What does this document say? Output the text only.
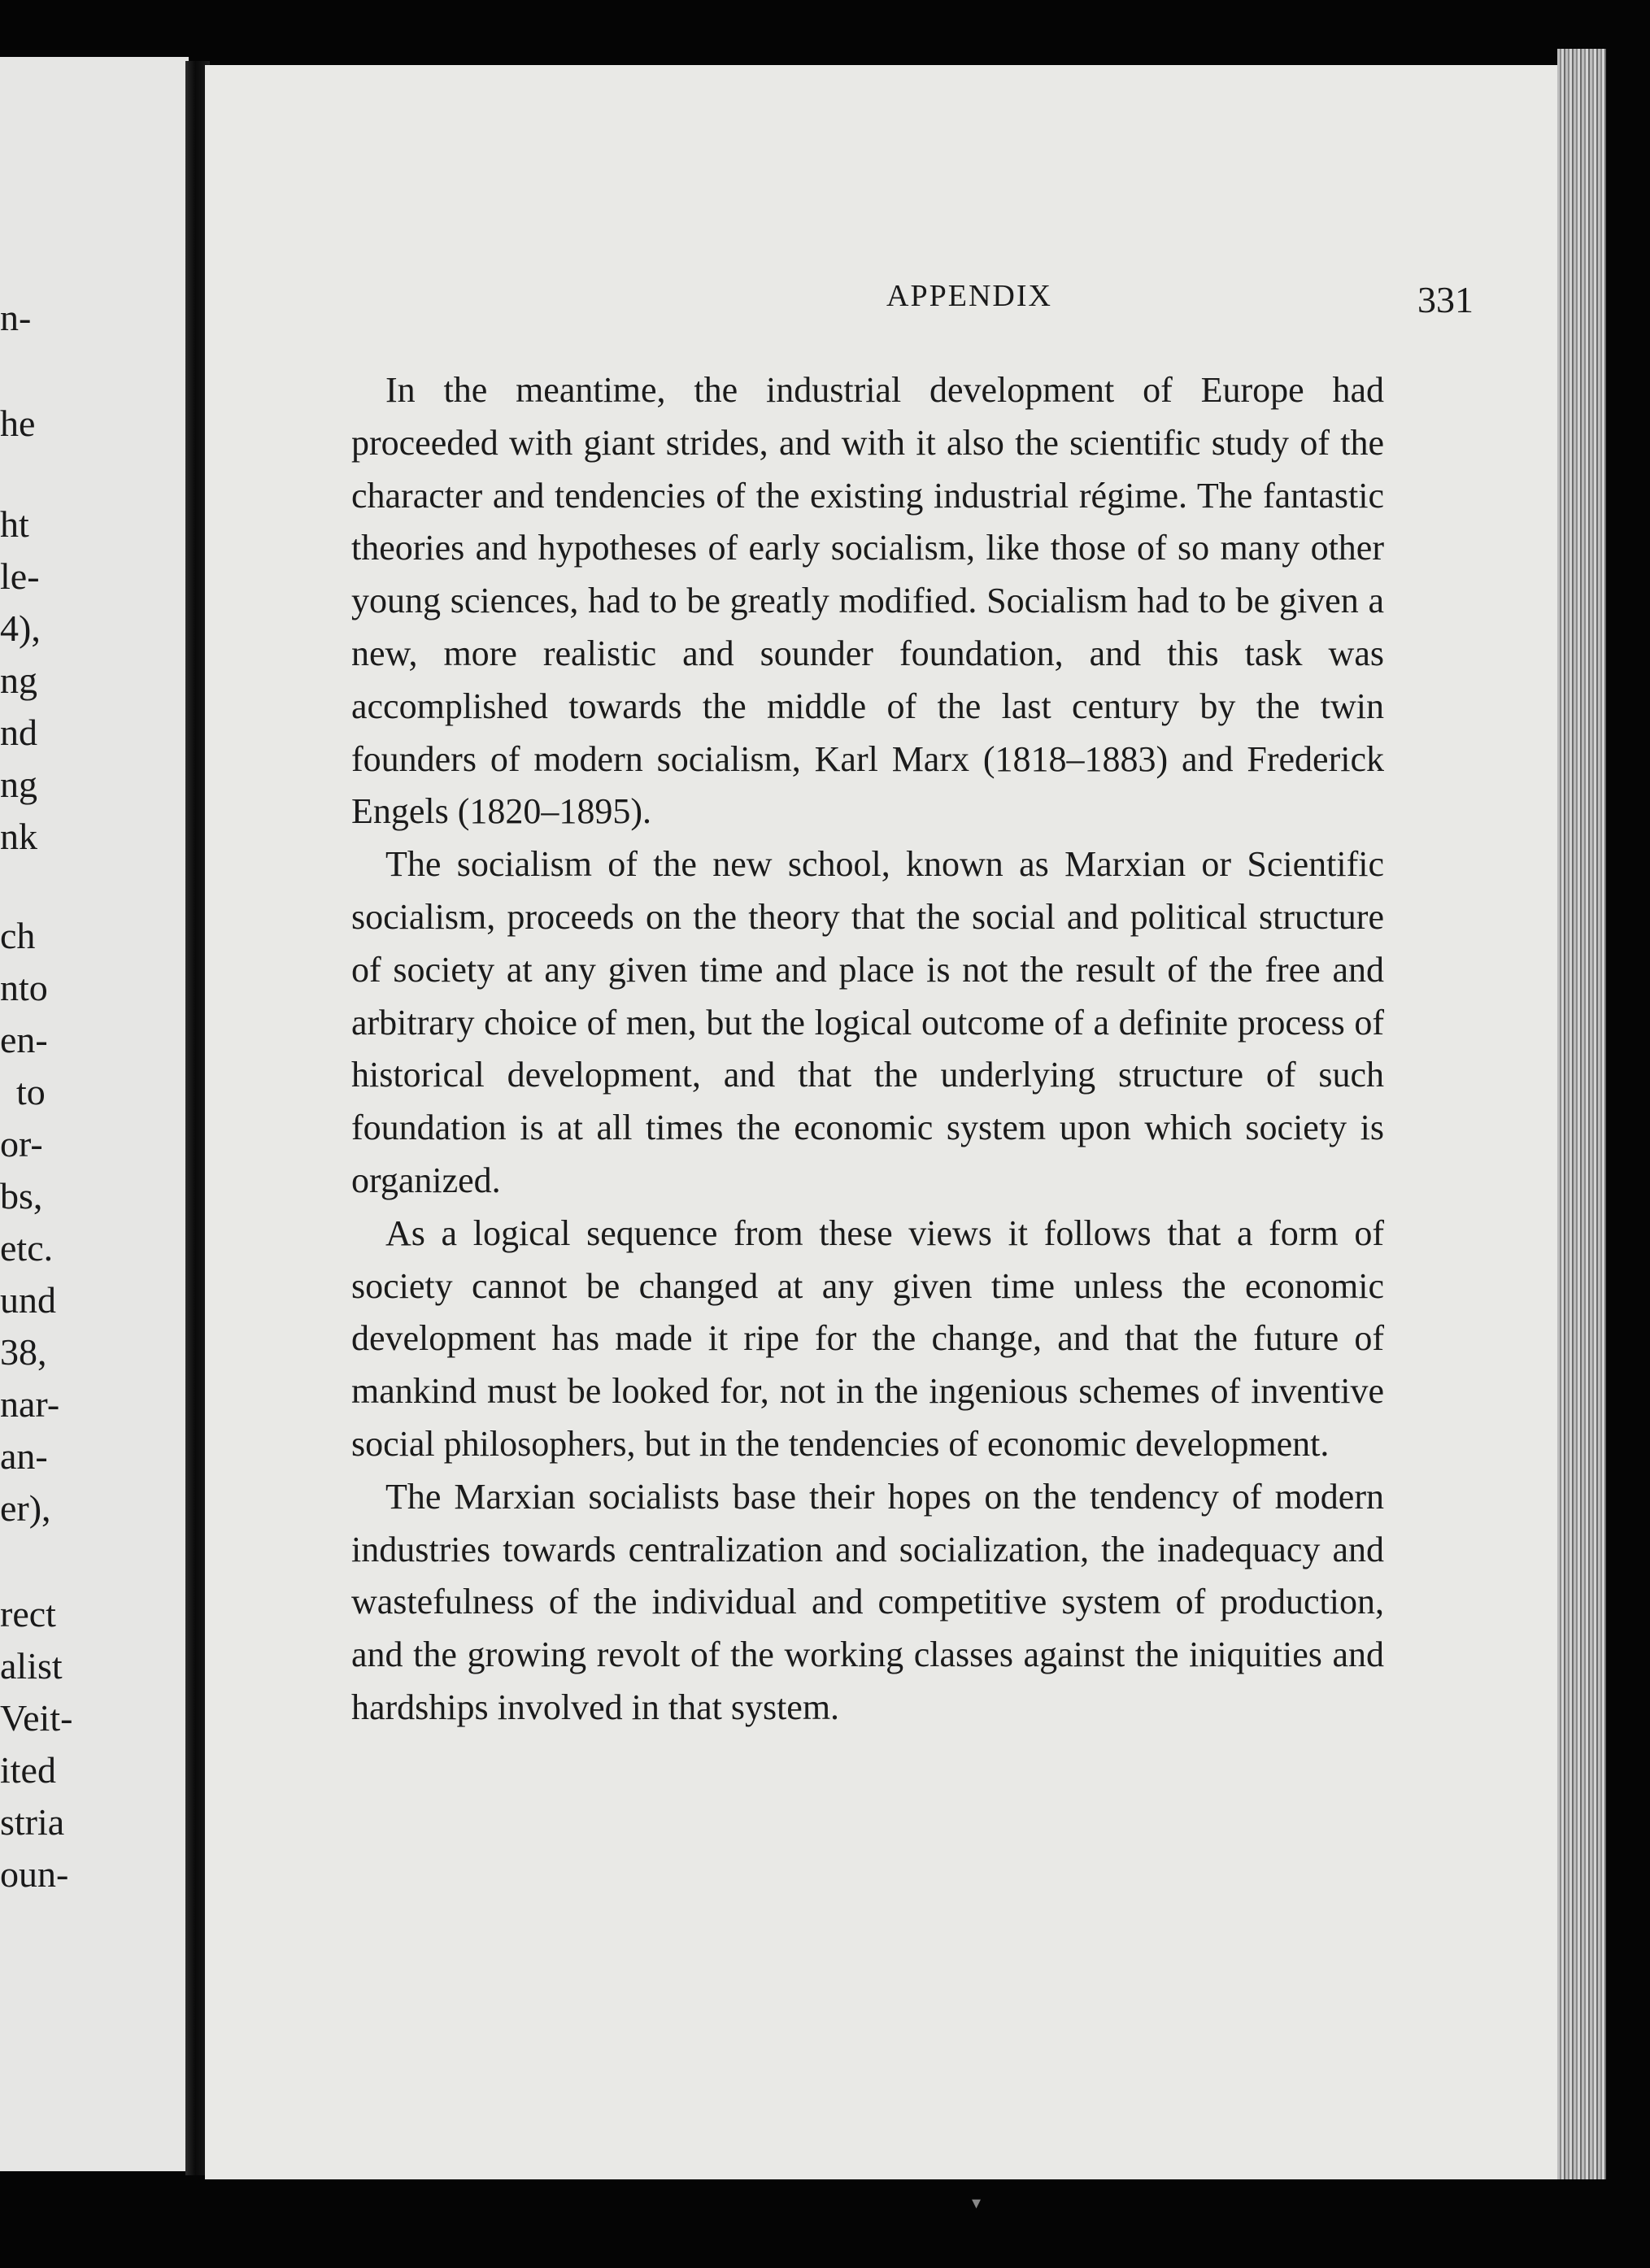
n-
he
ht
le-
4),
ng
nd
ng
nk
ch
nto
en-
to
or-
bs,
etc.
und
38,
nar-
an-
er),
rect
alist
Veit-
ited
stria
oun-
APPENDIX	331

In the meantime, the industrial development of Europe had proceeded with giant strides, and with it also the scientific study of the character and tendencies of the existing industrial régime. The fantastic theories and hypotheses of early socialism, like those of so many other young sciences, had to be greatly modified. Socialism had to be given a new, more realistic and sounder foundation, and this task was accomplished towards the middle of the last century by the twin founders of modern socialism, Karl Marx (1818–1883) and Frederick Engels (1820–1895).

The socialism of the new school, known as Marxian or Scientific socialism, proceeds on the theory that the social and political structure of society at any given time and place is not the result of the free and arbitrary choice of men, but the logical outcome of a definite process of historical development, and that the underlying structure of such foundation is at all times the economic system upon which society is organized.

As a logical sequence from these views it follows that a form of society cannot be changed at any given time unless the economic development has made it ripe for the change, and that the future of mankind must be looked for, not in the ingenious schemes of inventive social philosophers, but in the tendencies of economic development.

The Marxian socialists base their hopes on the tendency of modern industries towards centralization and socialization, the inadequacy and wastefulness of the individual and competitive system of production, and the growing revolt of the working classes against the iniquities and hardships involved in that system.

▾
